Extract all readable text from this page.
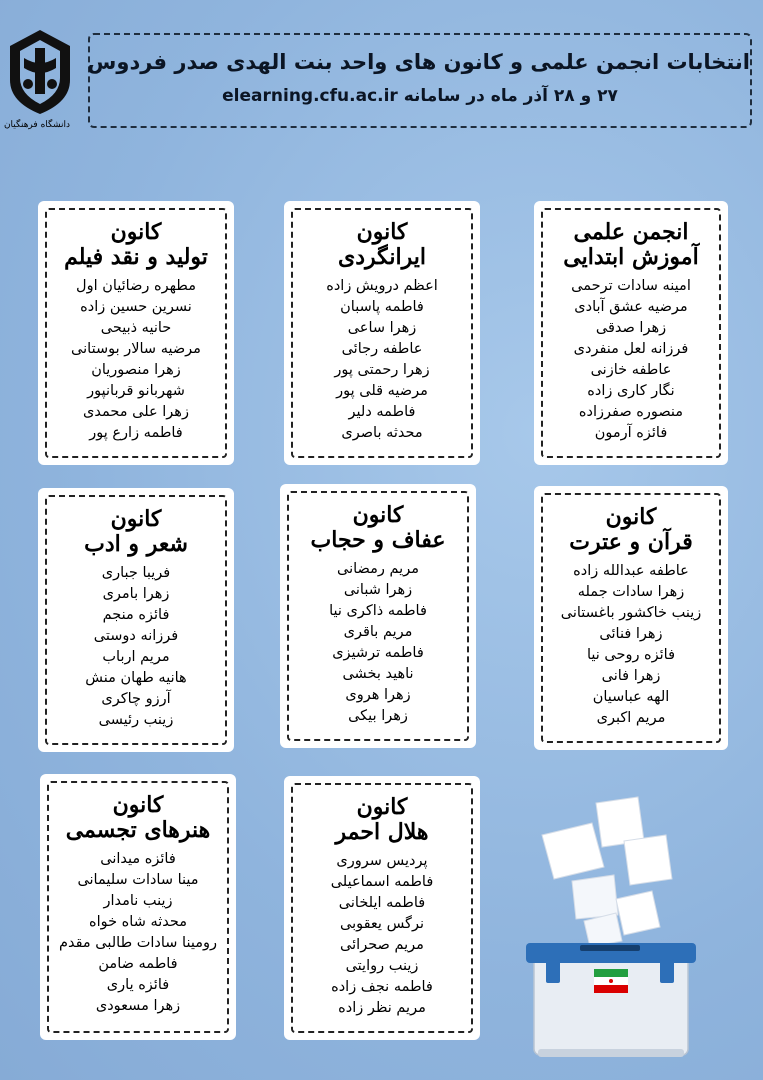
دانشگاه فرهنگیان
انتخابات انجمن علمی و کانون های واحد بنت الهدی صدر فردوس
۲۷ و ۲۸ آذر ماه در سامانه elearning.cfu.ac.ir
انجمن علمی
آموزش ابتدایی
امینه سادات ترحمی
مرضیه عشق آبادی
زهرا صدقی
فرزانه لعل منفردی
عاطفه خازنی
نگار کاری زاده
منصوره صفرزاده
فائزه آرمون
کانون
ایرانگردی
اعظم درویش زاده
فاطمه پاسبان
زهرا ساعی
عاطفه رجائی
زهرا رحمتی پور
مرضیه قلی پور
فاطمه دلیر
محدثه باصری
کانون
تولید و نقد فیلم
مطهره رضائیان اول
نسرین حسین زاده
حانیه ذبیحی
مرضیه سالار بوستانی
زهرا منصوریان
شهربانو قربانپور
زهرا علی محمدی
فاطمه زارع پور
کانون
قرآن و عترت
عاطفه عبدالله زاده
زهرا سادات جمله
زینب خاکشور باغستانی
زهرا فنائی
فائزه روحی نیا
زهرا فانی
الهه عباسیان
مریم اکبری
کانون
عفاف و حجاب
مریم رمضانی
زهرا شبانی
فاطمه ذاکری نیا
مریم باقری
فاطمه ترشیزی
ناهید بخشی
زهرا هروی
زهرا بیکی
کانون
شعر و ادب
فریبا جباری
زهرا بامری
فائزه منجم
فرزانه دوستی
مریم ارباب
هانیه طهان منش
آرزو چاکری
زینب رئیسی
کانون
هلال احمر
پردیس سروری
فاطمه اسماعیلی
فاطمه ایلخانی
نرگس یعقوبی
مریم صحرائی
زینب روایتی
فاطمه نجف زاده
مریم نظر زاده
کانون
هنرهای تجسمی
فائزه میدانی
مینا سادات سلیمانی
زینب نامدار
محدثه شاه خواه
رومینا سادات طالبی مقدم
فاطمه ضامن
فائزه یاری
زهرا مسعودی
